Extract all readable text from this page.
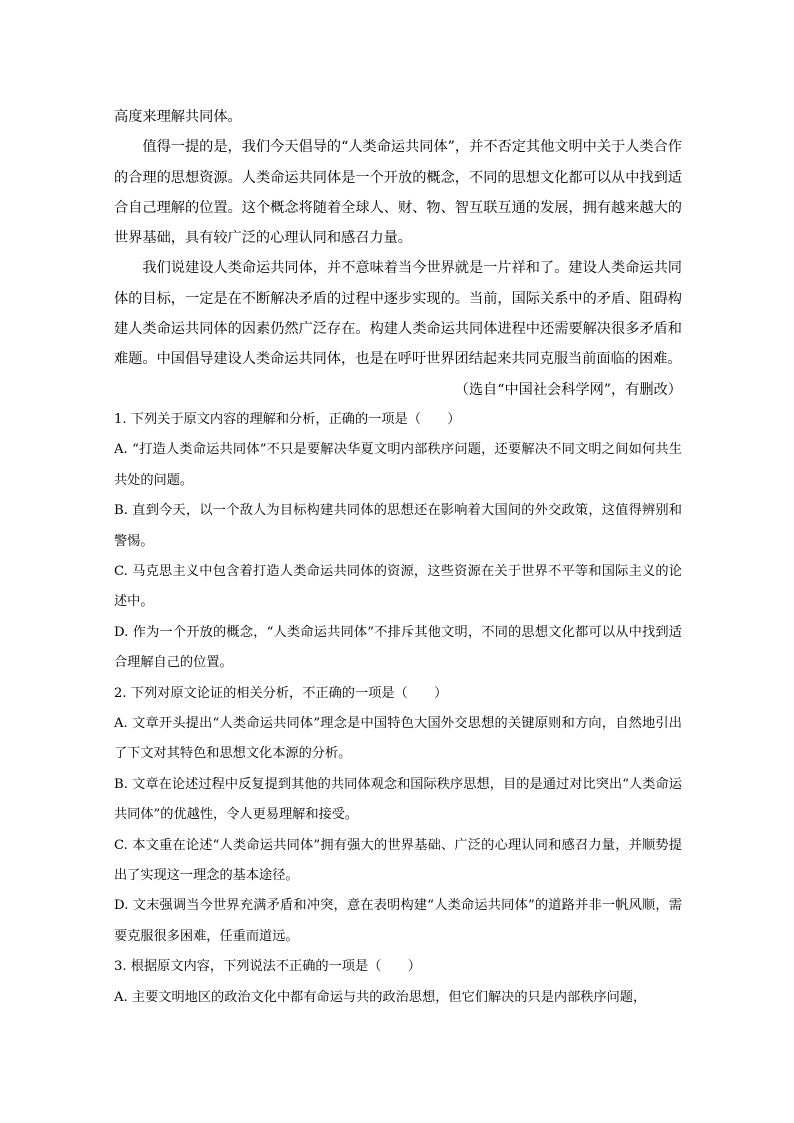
高度来理解共同体。

值得一提的是，我们今天倡导的“人类命运共同体”，并不否定其他文明中关于人类合作的合理的思想资源。人类命运共同体是一个开放的概念，不同的思想文化都可以从中找到适合自己理解的位置。这个概念将随着全球人、财、物、智互联互通的发展，拥有越来越大的世界基础，具有较广泛的心理认同和感召力量。

我们说建设人类命运共同体，并不意味着当今世界就是一片祥和了。建设人类命运共同体的目标，一定是在不断解决矛盾的过程中逐步实现的。当前，国际关系中的矛盾、阻碍构建人类命运共同体的因素仍然广泛存在。构建人类命运共同体进程中还需要解决很多矛盾和难题。中国倡导建设人类命运共同体，也是在呼吁世界团结起来共同克服当前面临的困难。

（选自“中国社会科学网”，有删改）

1. 下列关于原文内容的理解和分析，正确的一项是（　　）

A. “打造人类命运共同体”不只是要解决华夏文明内部秩序问题，还要解决不同文明之间如何共生共处的问题。

B. 直到今天，以一个敌人为目标构建共同体的思想还在影响着大国间的外交政策，这值得辨别和警惕。

C. 马克思主义中包含着打造人类命运共同体的资源，这些资源在关于世界不平等和国际主义的论述中。

D. 作为一个开放的概念，“人类命运共同体”不排斥其他文明，不同的思想文化都可以从中找到适合理解自己的位置。

2. 下列对原文论证的相关分析，不正确的一项是（　　）

A. 文章开头提出“人类命运共同体”理念是中国特色大国外交思想的关键原则和方向，自然地引出了下文对其特色和思想文化本源的分析。

B. 文章在论述过程中反复提到其他的共同体观念和国际秩序思想，目的是通过对比突出“人类命运共同体”的优越性，令人更易理解和接受。

C. 本文重在论述“人类命运共同体”拥有强大的世界基础、广泛的心理认同和感召力量，并顺势提出了实现这一理念的基本途径。

D. 文末强调当今世界充满矛盾和冲突，意在表明构建“人类命运共同体”的道路并非一帆风顺，需要克服很多困难，任重而道远。

3. 根据原文内容，下列说法不正确的一项是（　　）

A. 主要文明地区的政治文化中都有命运与共的政治思想，但它们解决的只是内部秩序问题，
